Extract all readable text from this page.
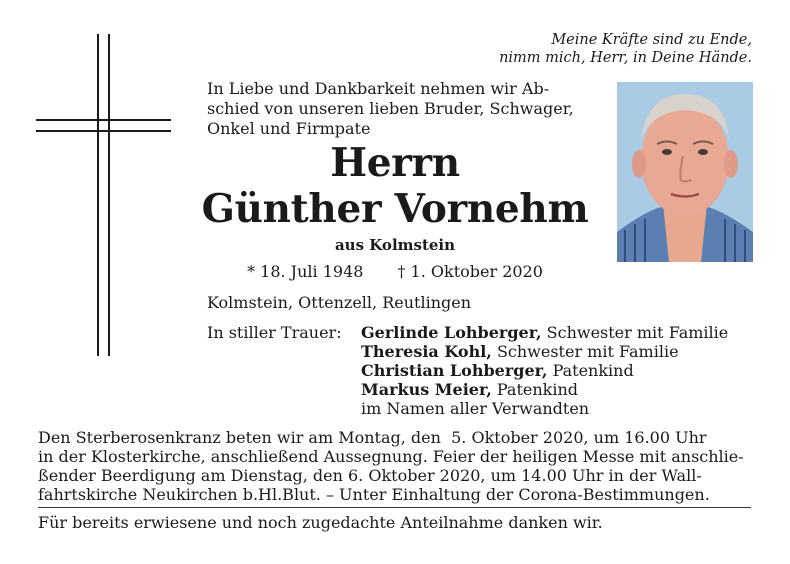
Meine Kräfte sind zu Ende,
nimm mich, Herr, in Deine Hände.
In Liebe und Dankbarkeit nehmen wir Ab-
schied von unseren lieben Bruder, Schwager,
Onkel und Firmpate
Herrn
Günther Vornehm
aus Kolmstein
* 18. Juli 1948 † 1. Oktober 2020
Kolmstein, Ottenzell, Reutlingen
In stiller Trauer: Gerlinde Lohberger, Schwester mit Familie
Theresia Kohl, Schwester mit Familie
Christian Lohberger, Patenkind
Markus Meier, Patenkind
im Namen aller Verwandten
Den Sterberosenkranz beten wir am Montag, den  5. Oktober 2020, um 16.00 Uhr
in der Klosterkirche, anschließend Aussegnung. Feier der heiligen Messe mit anschlie-
ßender Beerdigung am Dienstag, den 6. Oktober 2020, um 14.00 Uhr in der Wall-
fahrtskirche Neukirchen b.Hl.Blut. – Unter Einhaltung der Corona-Bestimmungen.
Für bereits erwiesene und noch zugedachte Anteilnahme danken wir.
